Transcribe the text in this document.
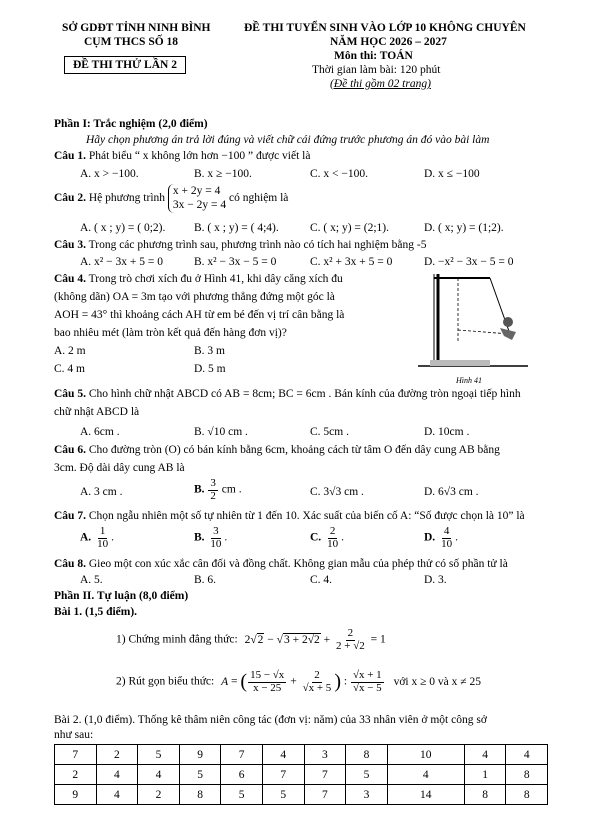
SỞ GDĐT TỈNH NINH BÌNH
CỤM THCS SỐ 18
ĐỀ THI THỬ LẦN 2
ĐỀ THI TUYỂN SINH VÀO LỚP 10 KHÔNG CHUYÊN
NĂM HỌC 2026 – 2027
Môn thi: TOÁN
Thời gian làm bài: 120 phút
(Đề thi gồm 02 trang)
Phần I: Trắc nghiệm (2,0 điểm)
Hãy chọn phương án trả lời đúng và viết chữ cái đứng trước phương án đó vào bài làm
Câu 1. Phát biểu “ x không lớn hơn −100 ” được viết là
A. x > −100.	B. x ≥ −100.	C. x < −100.	D. x ≤ −100
Câu 2. Hệ phương trình x + 2y = 4
3x − 2y = 4 có nghiệm là
A. ( x ; y) = ( 0;2). B. ( x ; y) = ( 4;4).	C. ( x; y) = (2;1).	D. ( x; y) = (1;2).
Câu 3. Trong các phương trình sau, phương trình nào có tích hai nghiệm bằng -5
A. x² − 3x + 5 = 0	B. x² − 3x − 5 = 0	C. x² + 3x + 5 = 0	D. −x² − 3x − 5 = 0
Câu 4. Trong trò chơi xích đu ở Hình 41, khi dây căng xích đu
(không dãn) OA = 3m tạo với phương thẳng đứng một góc là
AOH = 43° thì khoảng cách AH từ em bé đến vị trí cân bằng là
bao nhiêu mét (làm tròn kết quả đến hàng đơn vị)?
A. 2 m	B. 3 m
C. 4 m	D. 5 m
Hình 41
Câu 5. Cho hình chữ nhật ABCD có AB = 8cm; BC = 6cm . Bán kính của đường tròn ngoại tiếp hình
chữ nhật ABCD là
A. 6cm .	B. √10 cm .	C. 5cm .	D. 10cm .
Câu 6. Cho đường tròn (O) có bán kính bằng 6cm, khoảng cách từ tâm O đến dây cung AB bằng
3cm. Độ dài dây cung AB là
A. 3 cm .	B. $\frac{3}{2}$ cm .	C. 3√3 cm .	D. 6√3 cm .
Câu 7. Chọn ngẫu nhiên một số tự nhiên từ 1 đến 10. Xác suất của biến cố A: “Số được chọn là 10” là
A. $\frac{1}{10}$ .	B. $\frac{3}{10}$ .	C. $\frac{2}{10}$ .	D. $\frac{4}{10}$ .
Câu 8. Gieo một con xúc xắc cân đối và đồng chất. Không gian mẫu của phép thử có số phần tử là
A. 5.	B. 6.	C. 4.	D. 3.
Phần II. Tự luận (8,0 điểm)
Bài 1. (1,5 điểm).
1) Chứng minh đẳng thức: $2√2 - √3 + 2√2 + \frac{2}{2 + √2} = 1$
2) Rút gọn biểu thức: A = ( $\frac{15 - √x}{x - 25} + \frac{2}{√x + 5}$ ) : $\frac{√x + 1}{√x - 5}$ với x ≥ 0 và x ≠ 25
Bài 2. (1,0 điểm). Thống kê thâm niên công tác (đơn vị: năm) của 33 nhân viên ở một công sở
như sau:
7	2	5	9	7	4	3	8	10	4	4
2	4	4	5	6	7	7	5	4	1	8
9	4	2	8	5	5	7	3	14	8	8
